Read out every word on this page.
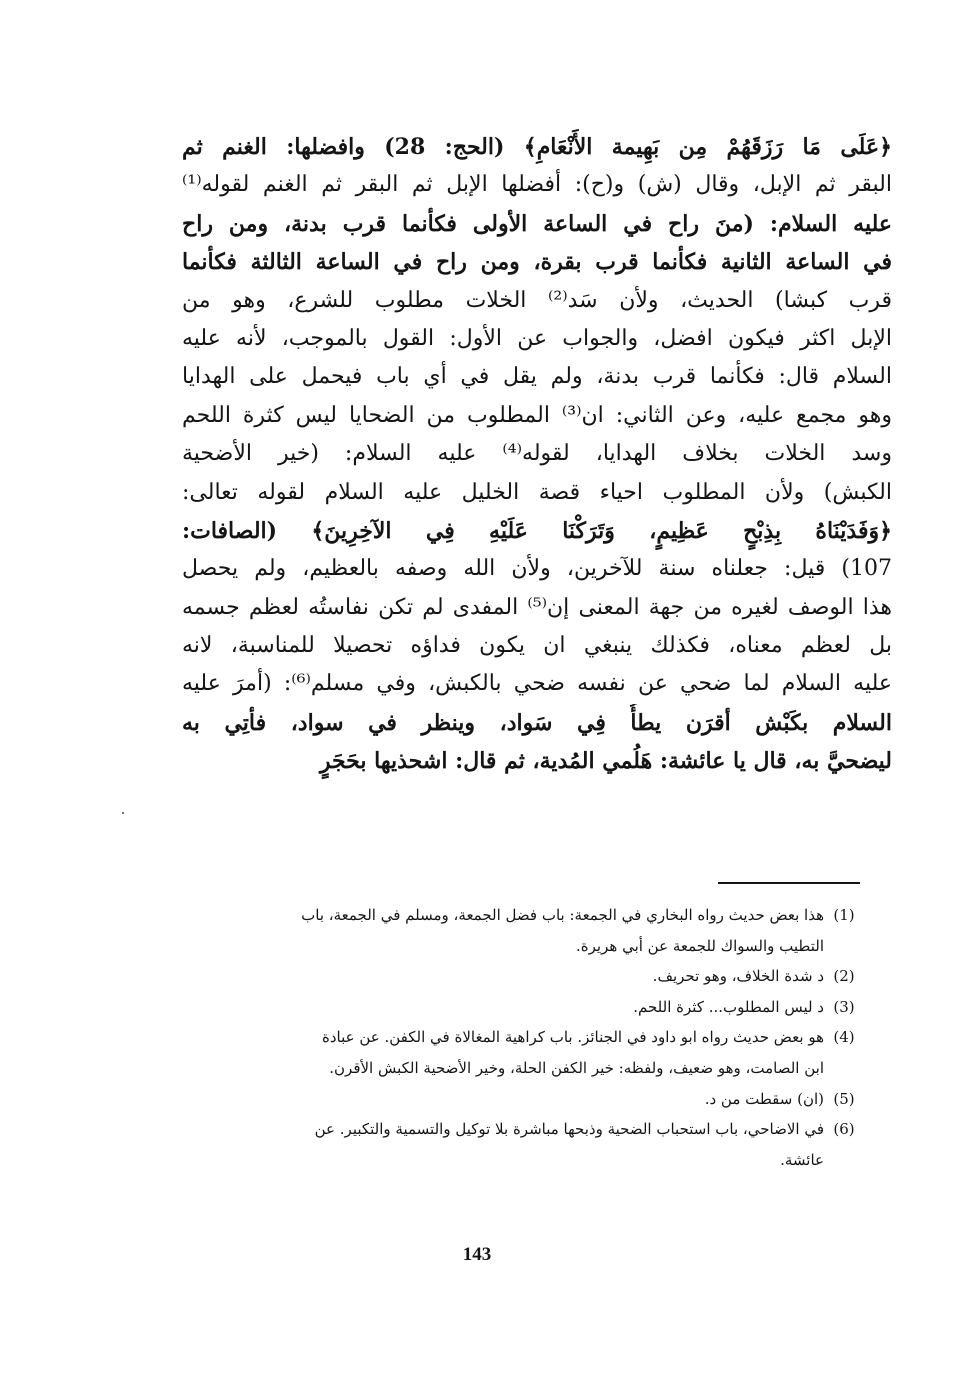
﴿عَلَى مَا رَزَقَهُمْ مِن بَهِيمة الأَنْعَامِ﴾ (الحج: 28) وافضلها: الغنم ثم
البقر ثم الإبل، وقال (ش) و(ح): أفضلها الإبل ثم البقر ثم الغنم لقوله⁽¹⁾
عليه السلام: (منَ راح في الساعة الأولى فكأنما قرب بدنة، ومن راح
في الساعة الثانية فكأنما قرب بقرة، ومن راح في الساعة الثالثة فكأنما
قرب كبشا) الحديث، ولأن سَد⁽²⁾ الخلات مطلوب للشرع، وهو من
الإبل اكثر فيكون افضل، والجواب عن الأول: القول بالموجب، لأنه عليه
السلام قال: فكأنما قرب بدنة، ولم يقل في أي باب فيحمل على الهدايا
وهو مجمع عليه، وعن الثاني: ان⁽³⁾ المطلوب من الضحايا ليس كثرة اللحم
وسد الخلات بخلاف الهدايا، لقوله⁽⁴⁾ عليه السلام: (خير الأضحية
الكبش) ولأن المطلوب احياء قصة الخليل عليه السلام لقوله تعالى:
﴿وَفَدَيْنَاهُ بِذِبْحٍ عَظِيمٍ، وَتَرَكْنَا عَلَيْهِ فِي الآخِرِينَ﴾ (الصافات:
107) قيل: جعلناه سنة للآخرين، ولأن الله وصفه بالعظيم، ولم يحصل
هذا الوصف لغيره من جهة المعنى إن⁽⁵⁾ المفدى لم تكن نفاستُه لعظم جسمه
بل لعظم معناه، فكذلك ينبغي ان يكون فداؤه تحصيلا للمناسبة، لانه
عليه السلام لما ضحي عن نفسه ضحي بالكبش، وفي مسلم⁽⁶⁾: (أمرَ عليه
السلام بكَبْش أقرَن يطأُ فِي سَواد، وينظر في سواد، فأتِي به
ليضحيَّ به، قال يا عائشة: هَلُمي المُدية، ثم قال: اشحذيها بحَجَرٍ
(1)هذا بعض حديث رواه البخاري في الجمعة: باب فضل الجمعة، ومسلم في الجمعة، باب
التطيب والسواك للجمعة عن أبي هريرة.
(2)د شدة الخلاف، وهو تحريف.
(3)د ليس المطلوب... كثرة اللحم.
(4)هو بعض حديث رواه ابو داود في الجنائز. باب كراهية المغالاة في الكفن. عن عبادة
ابن الصامت، وهو ضعيف، ولفظه: خير الكفن الحلة، وخير الأضحية الكبش الأقرن.
(5)(ان) سقطت من د.
(6)في الاضاحي، باب استحباب الضحية وذبحها مباشرة بلا توكيل والتسمية والتكبير. عن
عائشة.
143
